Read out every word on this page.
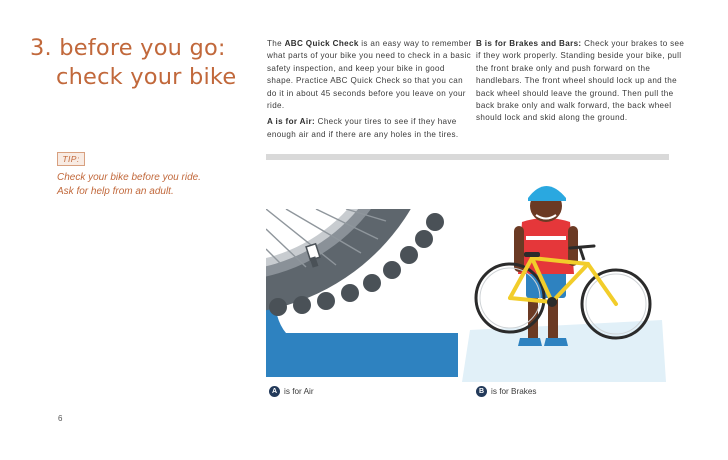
3. before you go:
check your bike
TIP:
Check your bike before you ride. Ask for help from an adult.

The ABC Quick Check is an easy way to remember what parts of your bike you need to check in a basic safety inspection, and keep your bike in good shape. Practice ABC Quick Check so that you can do it in about 45 seconds before you leave on your ride.

A is for Air: Check your tires to see if they have enough air and if there are any holes in the tires.

B is for Brakes and Bars: Check your brakes to see if they work properly. Standing beside your bike, pull the front brake only and push forward on the handlebars. The front wheel should lock up and the back wheel should leave the ground. Then pull the back brake only and walk forward, the back wheel should lock and skid along the ground.

A is for Air	B is for Brakes
6
